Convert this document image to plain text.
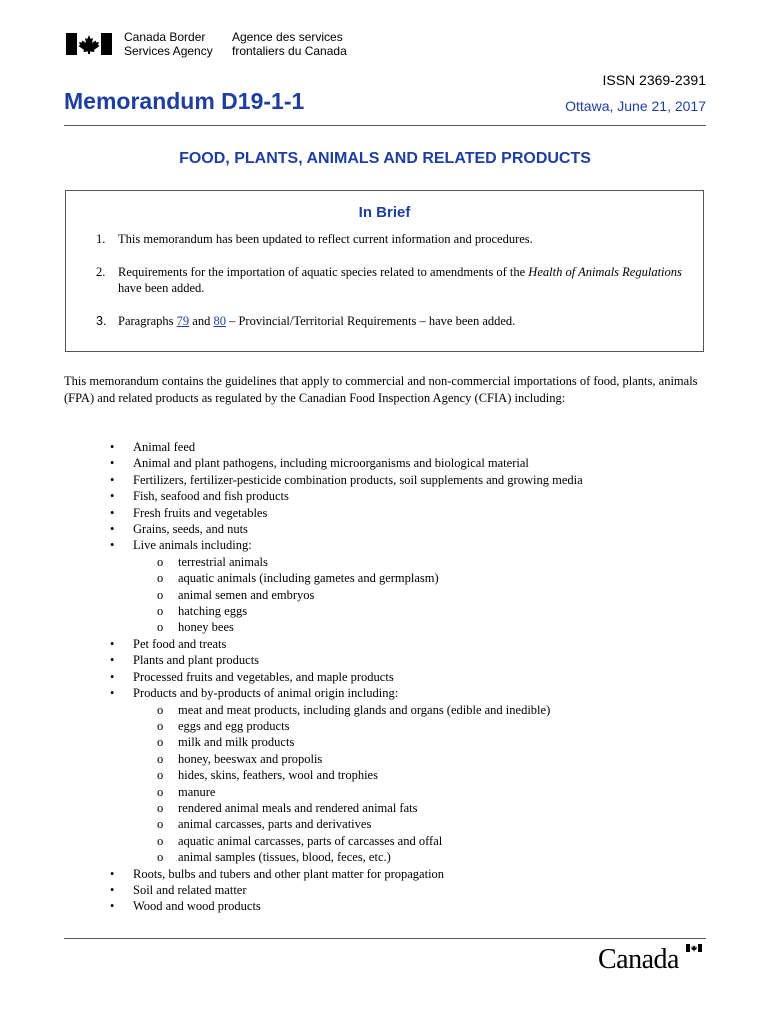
Canada Border
Services Agency
Agence des services
frontaliers du Canada
ISSN 2369-2391
Memorandum D19-1-1	Ottawa, June 21, 2017
FOOD, PLANTS, ANIMALS AND RELATED PRODUCTS
In Brief
1. This memorandum has been updated to reflect current information and procedures.
2. Requirements for the importation of aquatic species related to amendments of the Health of Animals Regulations have been added.
3. Paragraphs 79 and 80 – Provincial/Territorial Requirements – have been added.

This memorandum contains the guidelines that apply to commercial and non-commercial importations of food, plants, animals (FPA) and related products as regulated by the Canadian Food Inspection Agency (CFIA) including:

• Animal feed
• Animal and plant pathogens, including microorganisms and biological material
• Fertilizers, fertilizer-pesticide combination products, soil supplements and growing media
• Fish, seafood and fish products
• Fresh fruits and vegetables
• Grains, seeds, and nuts
• Live animals including:
o terrestrial animals
o aquatic animals (including gametes and germplasm)
o animal semen and embryos
o hatching eggs
o honey bees
• Pet food and treats
• Plants and plant products
• Processed fruits and vegetables, and maple products
• Products and by-products of animal origin including:
o meat and meat products, including glands and organs (edible and inedible)
o eggs and egg products
o milk and milk products
o honey, beeswax and propolis
o hides, skins, feathers, wool and trophies
o manure
o rendered animal meals and rendered animal fats
o animal carcasses, parts and derivatives
o aquatic animal carcasses, parts of carcasses and offal
o animal samples (tissues, blood, feces, etc.)
• Roots, bulbs and tubers and other plant matter for propagation
• Soil and related matter
• Wood and wood products
Canada
